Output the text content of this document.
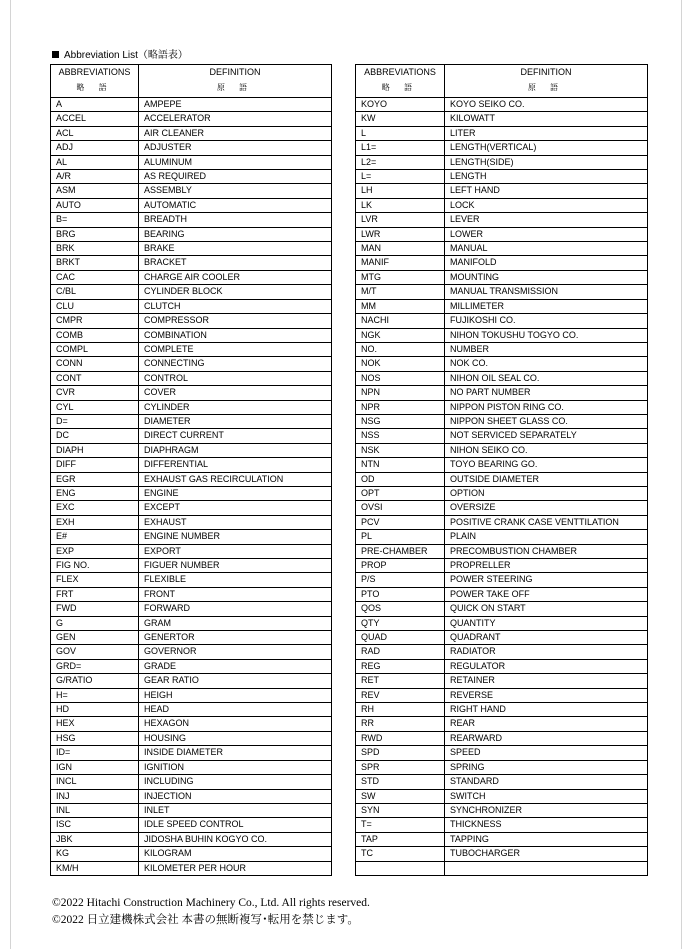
Abbreviation List（略語表）
ABBREVIATIONS	DEFINITION
略 語	原 語
A	AMPEPE
ACCEL	ACCELERATOR
ACL	AIR CLEANER
ADJ	ADJUSTER
AL	ALUMINUM
A/R	AS REQUIRED
ASM	ASSEMBLY
AUTO	AUTOMATIC
B=	BREADTH
BRG	BEARING
BRK	BRAKE
BRKT	BRACKET
CAC	CHARGE AIR COOLER
C/BL	CYLINDER BLOCK
CLU	CLUTCH
CMPR	COMPRESSOR
COMB	COMBINATION
COMPL	COMPLETE
CONN	CONNECTING
CONT	CONTROL
CVR	COVER
CYL	CYLINDER
D=	DIAMETER
DC	DIRECT CURRENT
DIAPH	DIAPHRAGM
DIFF	DIFFERENTIAL
EGR	EXHAUST GAS RECIRCULATION
ENG	ENGINE
EXC	EXCEPT
EXH	EXHAUST
E#	ENGINE NUMBER
EXP	EXPORT
FIG NO.	FIGUER NUMBER
FLEX	FLEXIBLE
FRT	FRONT
FWD	FORWARD
G	GRAM
GEN	GENERTOR
GOV	GOVERNOR
GRD=	GRADE
G/RATIO	GEAR RATIO
H=	HEIGH
HD	HEAD
HEX	HEXAGON
HSG	HOUSING
ID=	INSIDE DIAMETER
IGN	IGNITION
INCL	INCLUDING
INJ	INJECTION
INL	INLET
ISC	IDLE SPEED CONTROL
JBK	JIDOSHA BUHIN KOGYO CO.
KG	KILOGRAM
KM/H	KILOMETER PER HOUR
ABBREVIATIONS	DEFINITION
略 語	原 語
KOYO	KOYO SEIKO CO.
KW	KILOWATT
L	LITER
L1=	LENGTH(VERTICAL)
L2=	LENGTH(SIDE)
L=	LENGTH
LH	LEFT HAND
LK	LOCK
LVR	LEVER
LWR	LOWER
MAN	MANUAL
MANIF	MANIFOLD
MTG	MOUNTING
M/T	MANUAL TRANSMISSION
MM	MILLIMETER
NACHI	FUJIKOSHI CO.
NGK	NIHON TOKUSHU TOGYO CO.
NO.	NUMBER
NOK	NOK CO.
NOS	NIHON OIL SEAL CO.
NPN	NO PART NUMBER
NPR	NIPPON PISTON RING CO.
NSG	NIPPON SHEET GLASS CO.
NSS	NOT SERVICED SEPARATELY
NSK	NIHON SEIKO CO.
NTN	TOYO BEARING GO.
OD	OUTSIDE DIAMETER
OPT	OPTION
OVSI	OVERSIZE
PCV	POSITIVE CRANK CASE VENTTILATION
PL	PLAIN
PRE-CHAMBER	PRECOMBUSTION CHAMBER
PROP	PROPRELLER
P/S	POWER STEERING
PTO	POWER TAKE OFF
QOS	QUICK ON START
QTY	QUANTITY
QUAD	QUADRANT
RAD	RADIATOR
REG	REGULATOR
RET	RETAINER
REV	REVERSE
RH	RIGHT HAND
RR	REAR
RWD	REARWARD
SPD	SPEED
SPR	SPRING
STD	STANDARD
SW	SWITCH
SYN	SYNCHRONIZER
T=	THICKNESS
TAP	TAPPING
TC	TUBOCHARGER

©2022 Hitachi Construction Machinery Co., Ltd. All rights reserved.
©2022 日立建機株式会社 本書の無断複写･転用を禁じます。
